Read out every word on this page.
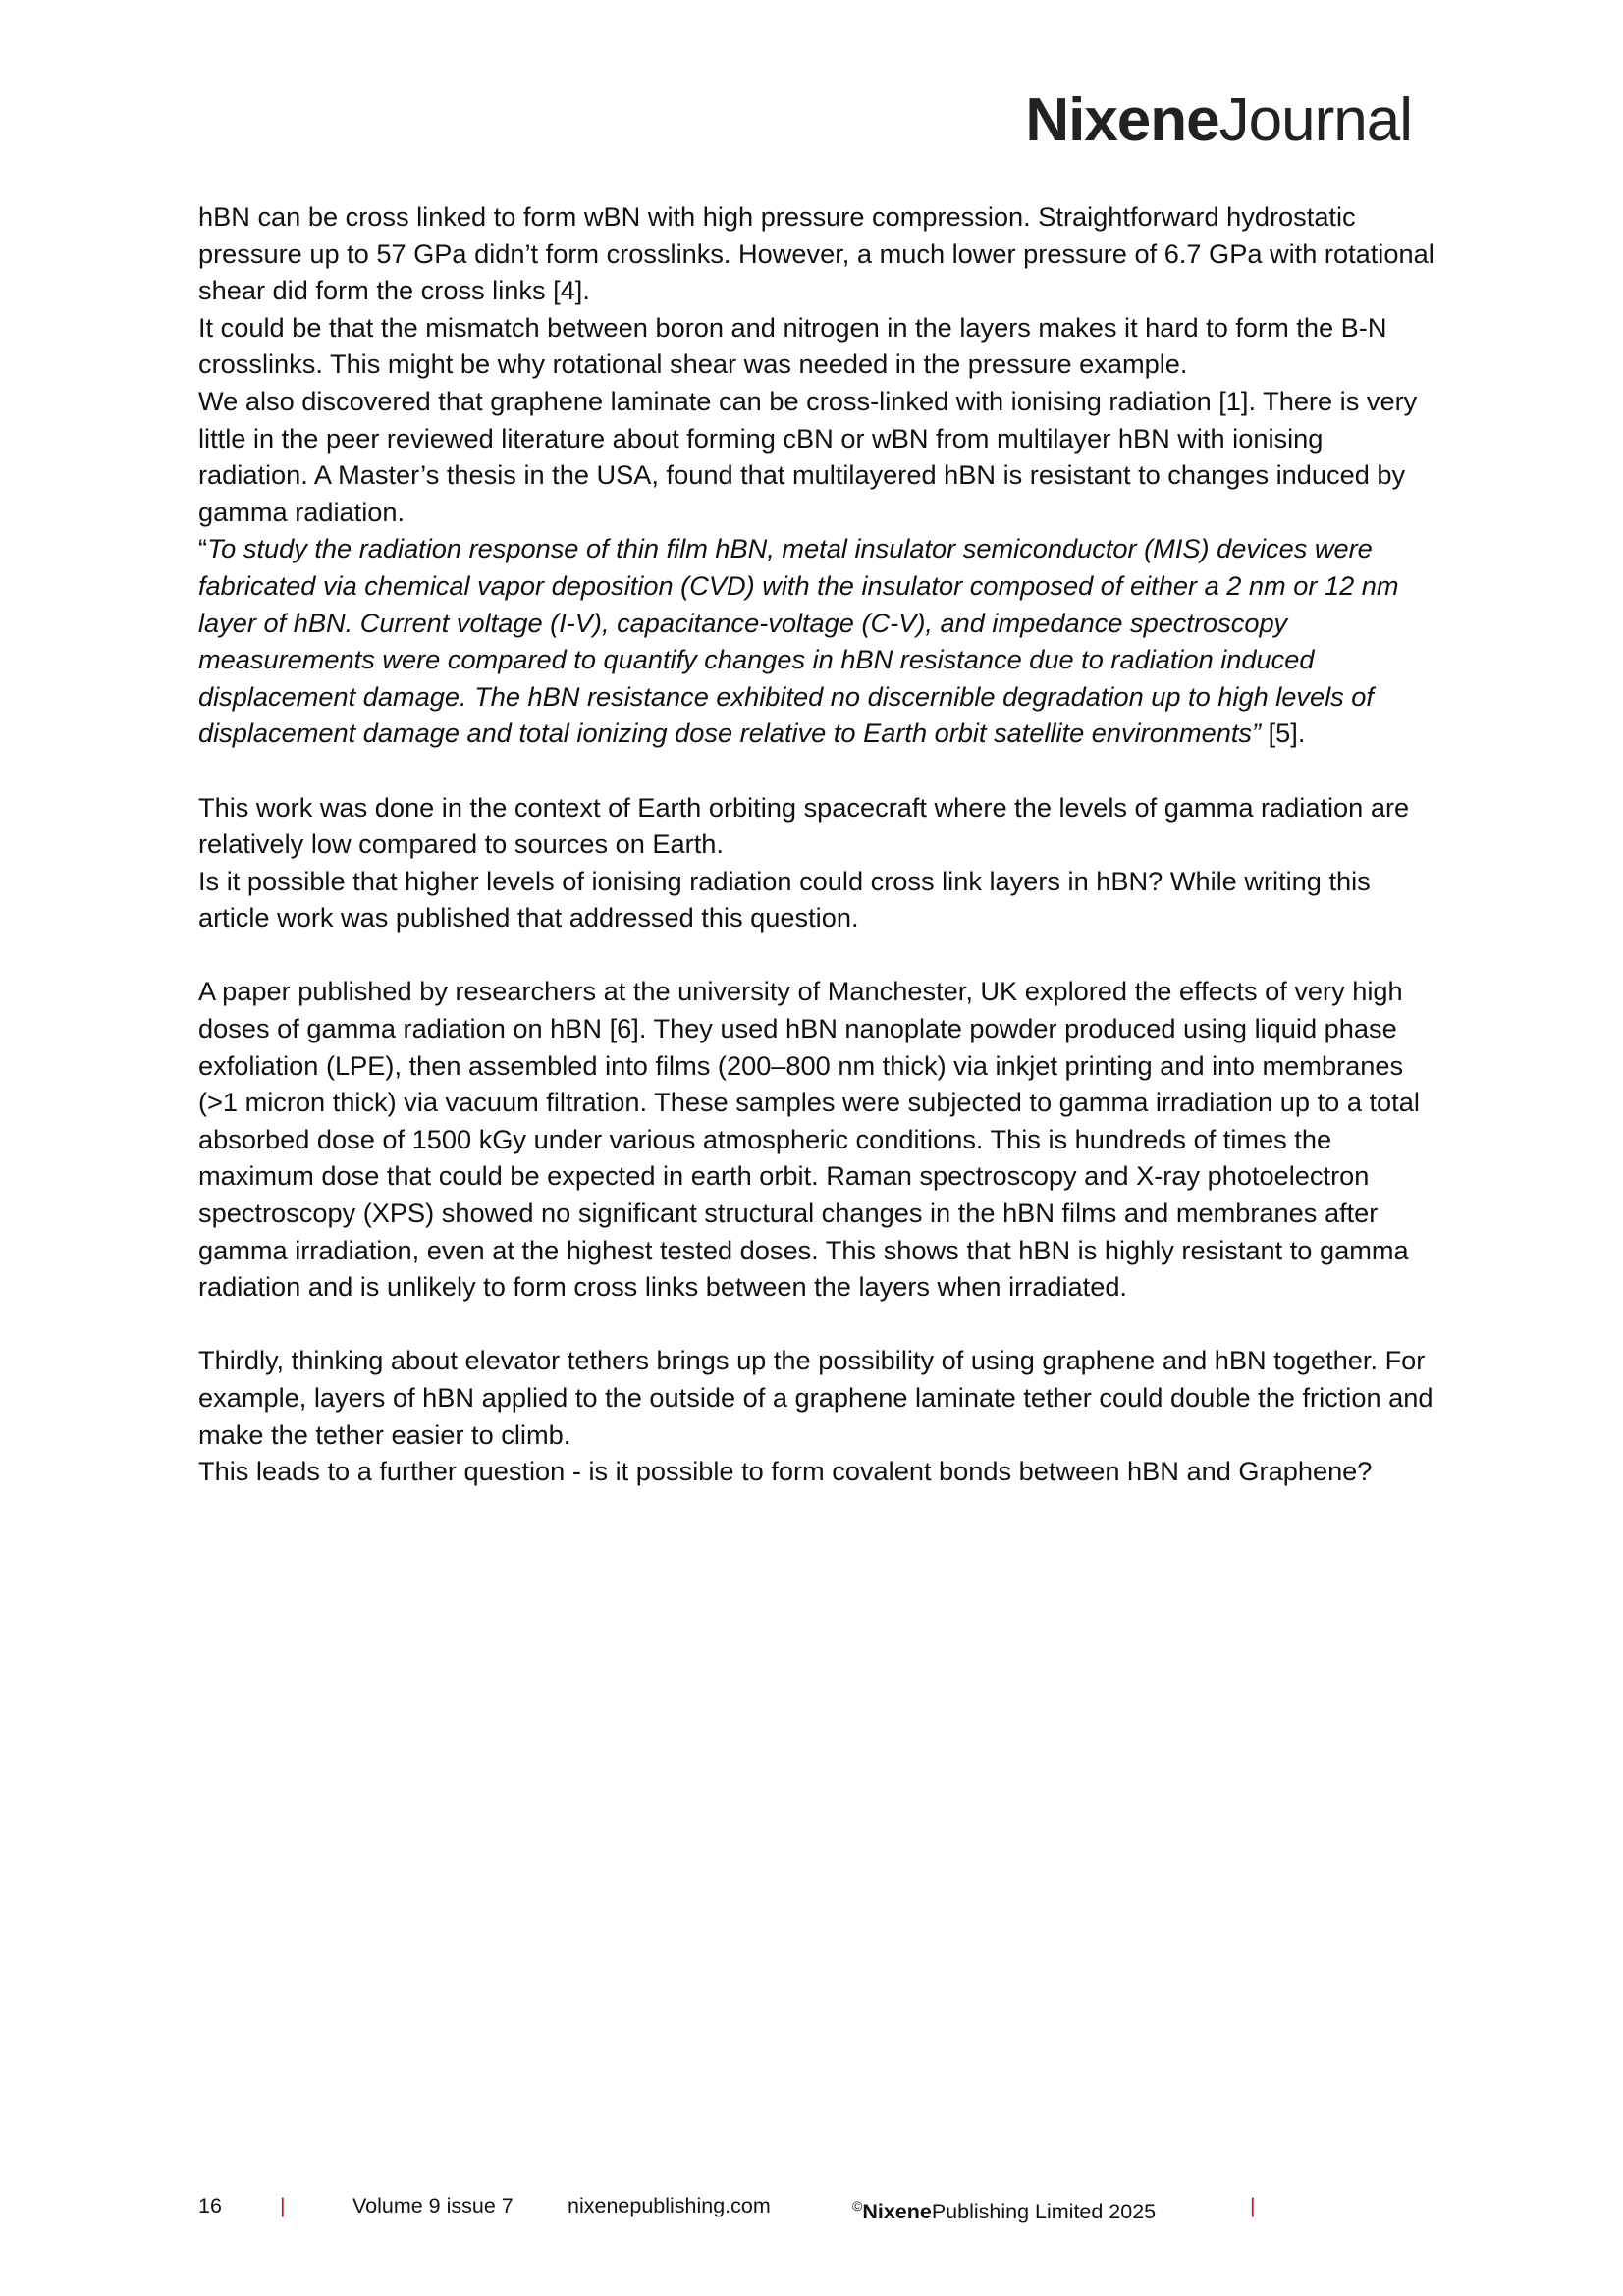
NixeneJournal

hBN can be cross linked to form wBN with high pressure compression. Straightforward hydrostatic pressure up to 57 GPa didn’t form crosslinks. However, a much lower pressure of 6.7 GPa with rotational shear did form the cross links [4].

It could be that the mismatch between boron and nitrogen in the layers makes it hard to form the B-N crosslinks. This might be why rotational shear was needed in the pressure example.

We also discovered that graphene laminate can be cross-linked with ionising radiation [1]. There is very little in the peer reviewed literature about forming cBN or wBN from multilayer hBN with ionising radiation. A Master’s thesis in the USA, found that multilayered hBN is resistant to changes induced by gamma radiation.

“To study the radiation response of thin film hBN, metal insulator semiconductor (MIS) devices were fabricated via chemical vapor deposition (CVD) with the insulator composed of either a 2 nm or 12 nm layer of hBN. Current voltage (I-V), capacitance-voltage (C-V), and impedance spectroscopy measurements were compared to quantify changes in hBN resistance due to radiation induced displacement damage. The hBN resistance exhibited no discernible degradation up to high levels of displacement damage and total ionizing dose relative to Earth orbit satellite environments” [5].

This work was done in the context of Earth orbiting spacecraft where the levels of gamma radiation are relatively low compared to sources on Earth.

Is it possible that higher levels of ionising radiation could cross link layers in hBN? While writing this article work was published that addressed this question.

A paper published by researchers at the university of Manchester, UK explored the effects of very high doses of gamma radiation on hBN [6]. They used hBN nanoplate powder produced using liquid phase exfoliation (LPE), then assembled into films (200–800 nm thick) via inkjet printing and into membranes (>1 micron thick) via vacuum filtration. These samples were subjected to gamma irradiation up to a total absorbed dose of 1500 kGy under various atmospheric conditions. This is hundreds of times the maximum dose that could be expected in earth orbit. Raman spectroscopy and X-ray photoelectron spectroscopy (XPS) showed no significant structural changes in the hBN films and membranes after gamma irradiation, even at the highest tested doses. This shows that hBN is highly resistant to gamma radiation and is unlikely to form cross links between the layers when irradiated.

Thirdly, thinking about elevator tethers brings up the possibility of using graphene and hBN together. For example, layers of hBN applied to the outside of a graphene laminate tether could double the friction and make the tether easier to climb.

This leads to a further question - is it possible to form covalent bonds between hBN and Graphene?

16	|	Volume 9 issue 7	nixenepublishing.com	©NixenePublishing Limited 2025	|
